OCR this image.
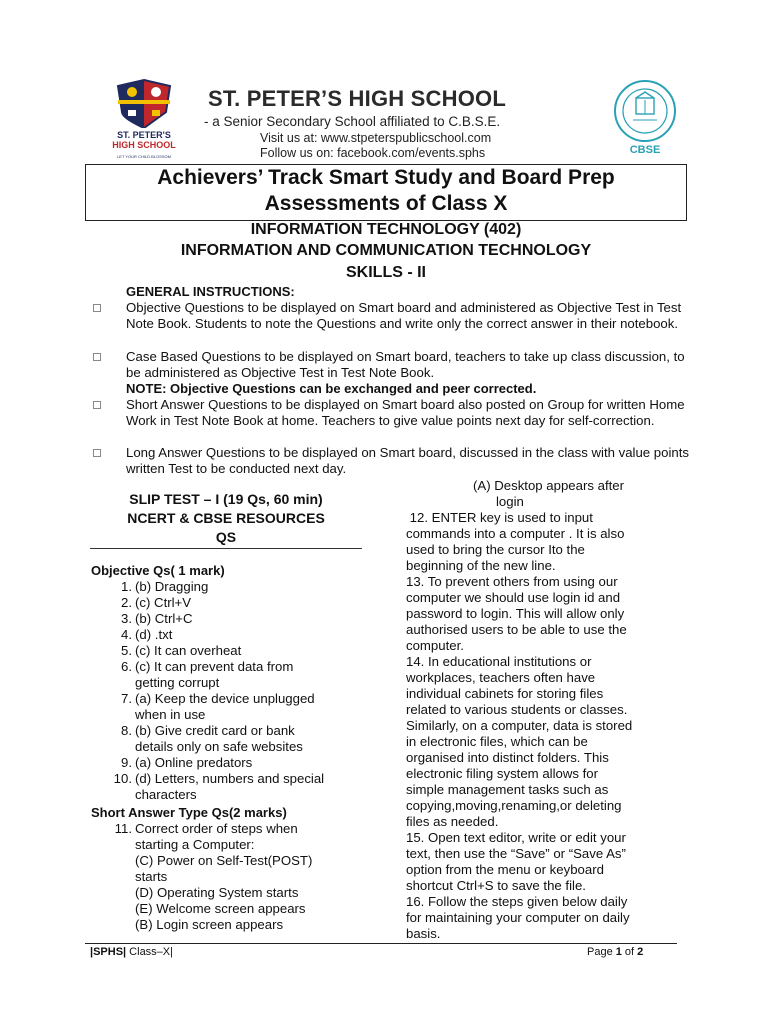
ST. PETER'S
HIGH SCHOOL
LET YOUR CHILD BLOSSOM
ST. PETER’S HIGH SCHOOL
- a Senior Secondary School affiliated to C.B.S.E.
Visit us at: www.stpeterspublicschool.com
Follow us on: facebook.com/events.sphs	CBSE
Achievers’ Track Smart Study and Board Prep
Assessments of Class X
INFORMATION TECHNOLOGY (402)
INFORMATION AND COMMUNICATION TECHNOLOGY
SKILLS - II
GENERAL INSTRUCTIONS:
Objective Questions to be displayed on Smart board and administered as Objective Test in Test Note Book. Students to note the Questions and write only the correct answer in their notebook.
Case Based Questions to be displayed on Smart board, teachers to take up class discussion, to be administered as Objective Test in Test Note Book.
NOTE: Objective Questions can be exchanged and peer corrected.
Short Answer Questions to be displayed on Smart board also posted on Group for written Home Work in Test Note Book at home. Teachers to give value points next day for self-correction.
Long Answer Questions to be displayed on Smart board, discussed in the class with value points written Test to be conducted next day.
SLIP TEST – I (19 Qs, 60 min)
NCERT & CBSE RESOURCES
QS
Objective Qs( 1 mark)
1. (b) Dragging
2. (c) Ctrl+V
3. (b) Ctrl+C
4. (d) .txt
5. (c) It can overheat
6. (c) It can prevent data from
getting corrupt
7. (a) Keep the device unplugged
when in use
8. (b) Give credit card or bank
details only on safe websites
9. (a) Online predators
10. (d) Letters, numbers and special
characters
Short Answer Type Qs(2 marks)
11. Correct order of steps when
starting a Computer:
(C) Power on Self-Test(POST)
starts
(D) Operating System starts
(E) Welcome screen appears
(B) Login screen appears
(A) Desktop appears after
login

12. ENTER key is used to input

commands into a computer . It is also

used to bring the cursor Ito the

beginning of the new line.

13. To prevent others from using our

computer we should use login id and

password to login. This will allow only

authorised users to be able to use the

computer.

14. In educational institutions or

workplaces, teachers often have

individual cabinets for storing files

related to various students or classes.

Similarly, on a computer, data is stored

in electronic files, which can be

organised into distinct folders. This

electronic filing system allows for

simple management tasks such as

copying,moving,renaming,or deleting

files as needed.

15. Open text editor, write or edit your

text, then use the “Save” or “Save As”

option from the menu or keyboard

shortcut Ctrl+S to save the file.

16. Follow the steps given below daily

for maintaining your computer on daily

basis.

|SPHS| Class–X|	Page 1 of 2
